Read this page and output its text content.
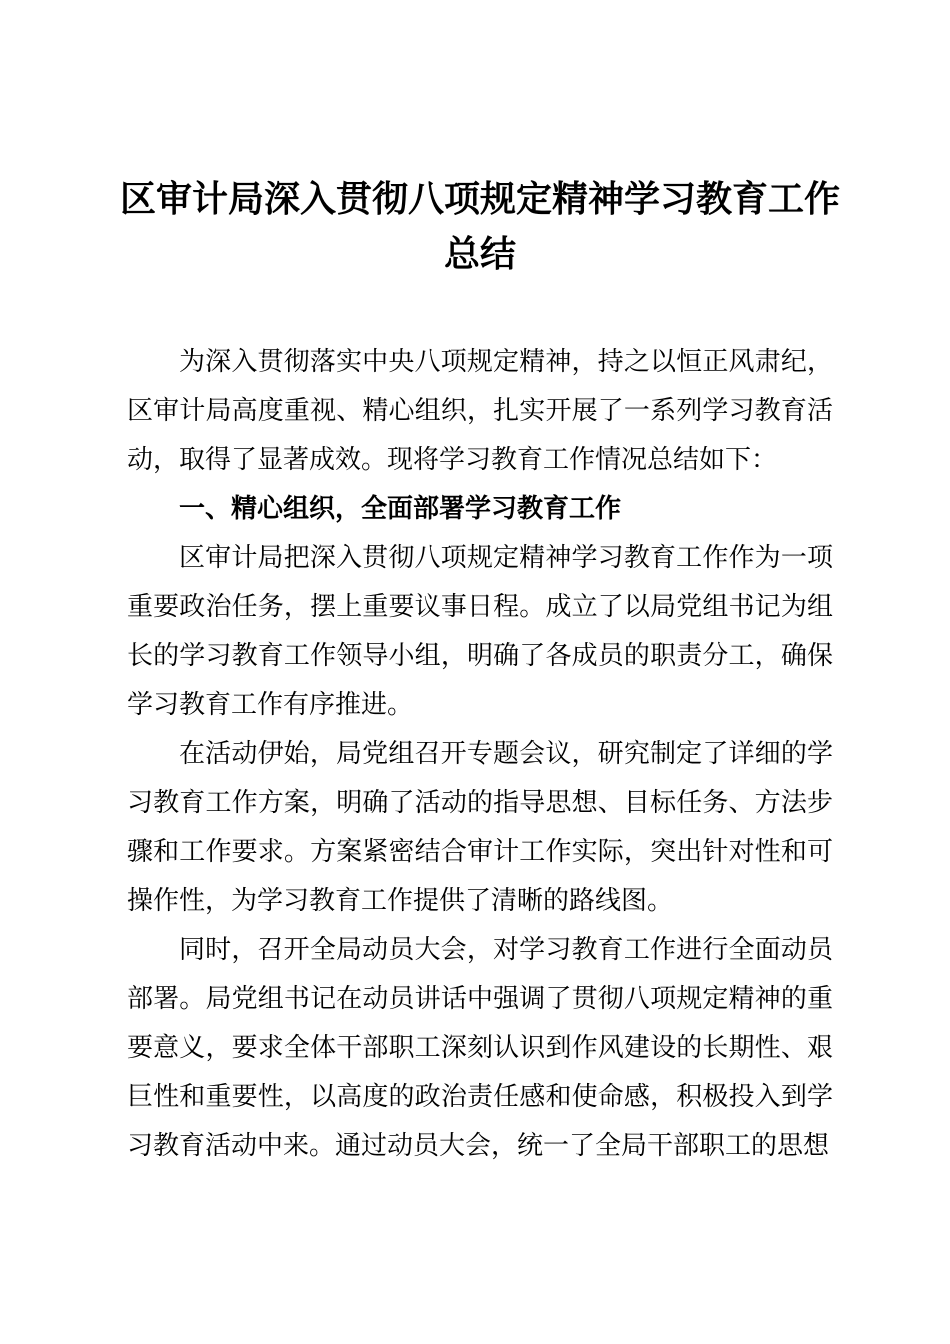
区审计局深入贯彻八项规定精神学习教育工作
总结

为深入贯彻落实中央八项规定精神，持之以恒正风肃纪，区审计局高度重视、精心组织，扎实开展了一系列学习教育活动，取得了显著成效。现将学习教育工作情况总结如下：

一、精心组织，全面部署学习教育工作

区审计局把深入贯彻八项规定精神学习教育工作作为一项重要政治任务，摆上重要议事日程。成立了以局党组书记为组长的学习教育工作领导小组，明确了各成员的职责分工，确保学习教育工作有序推进。

在活动伊始，局党组召开专题会议，研究制定了详细的学习教育工作方案，明确了活动的指导思想、目标任务、方法步骤和工作要求。方案紧密结合审计工作实际，突出针对性和可操作性，为学习教育工作提供了清晰的路线图。

同时，召开全局动员大会，对学习教育工作进行全面动员部署。局党组书记在动员讲话中强调了贯彻八项规定精神的重要意义，要求全体干部职工深刻认识到作风建设的长期性、艰巨性和重要性，以高度的政治责任感和使命感，积极投入到学习教育活动中来。通过动员大会，统一了全局干部职工的思想
